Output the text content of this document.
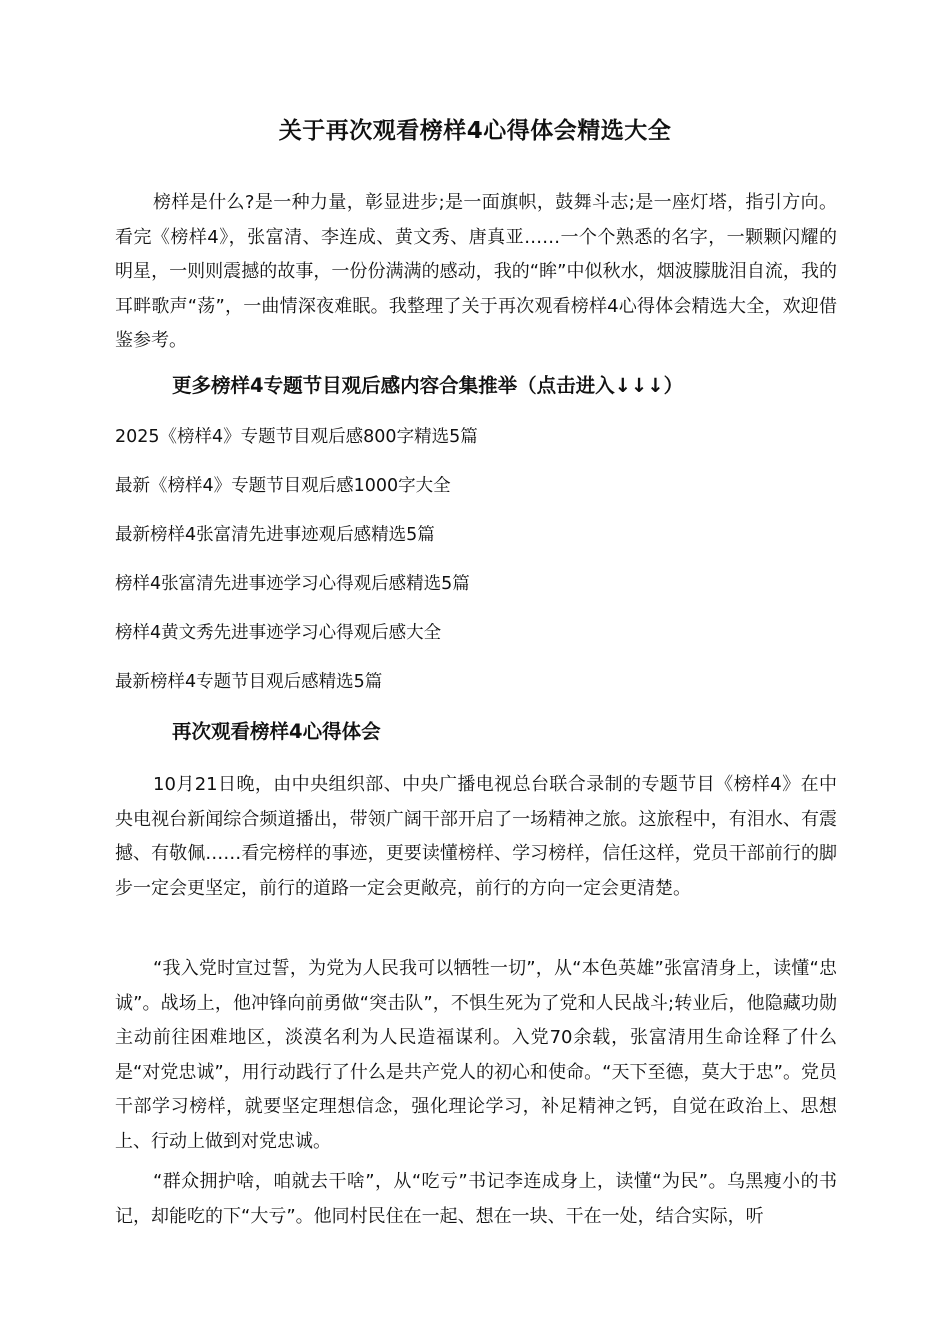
关于再次观看榜样4心得体会精选大全

榜样是什么?是一种力量，彰显进步;是一面旗帜，鼓舞斗志;是一座灯塔，指引方向。看完《榜样4》，张富清、李连成、黄文秀、唐真亚……一个个熟悉的名字，一颗颗闪耀的明星，一则则震撼的故事，一份份满满的感动，我的“眸”中似秋水，烟波朦胧泪自流，我的耳畔歌声“荡”，一曲情深夜难眠。我整理了关于再次观看榜样4心得体会精选大全，欢迎借鉴参考。

更多榜样4专题节目观后感内容合集推举（点击进入↓↓↓）
2025《榜样4》专题节目观后感800字精选5篇
最新《榜样4》专题节目观后感1000字大全
最新榜样4张富清先进事迹观后感精选5篇
榜样4张富清先进事迹学习心得观后感精选5篇
榜样4黄文秀先进事迹学习心得观后感大全
最新榜样4专题节目观后感精选5篇
再次观看榜样4心得体会

10月21日晚，由中央组织部、中央广播电视总台联合录制的专题节目《榜样4》在中央电视台新闻综合频道播出，带领广阔干部开启了一场精神之旅。这旅程中，有泪水、有震撼、有敬佩……看完榜样的事迹，更要读懂榜样、学习榜样，信任这样，党员干部前行的脚步一定会更坚定，前行的道路一定会更敞亮，前行的方向一定会更清楚。

“我入党时宣过誓，为党为人民我可以牺牲一切”，从“本色英雄”张富清身上，读懂“忠诚”。战场上，他冲锋向前勇做“突击队”，不惧生死为了党和人民战斗;转业后，他隐藏功勋主动前往困难地区，淡漠名利为人民造福谋利。入党70余载，张富清用生命诠释了什么是“对党忠诚”，用行动践行了什么是共产党人的初心和使命。“天下至德，莫大于忠”。党员干部学习榜样，就要坚定理想信念，强化理论学习，补足精神之钙，自觉在政治上、思想上、行动上做到对党忠诚。

“群众拥护啥，咱就去干啥”，从“吃亏”书记李连成身上，读懂“为民”。乌黑瘦小的书记，却能吃的下“大亏”。他同村民住在一起、想在一块、干在一处，结合实际，听
